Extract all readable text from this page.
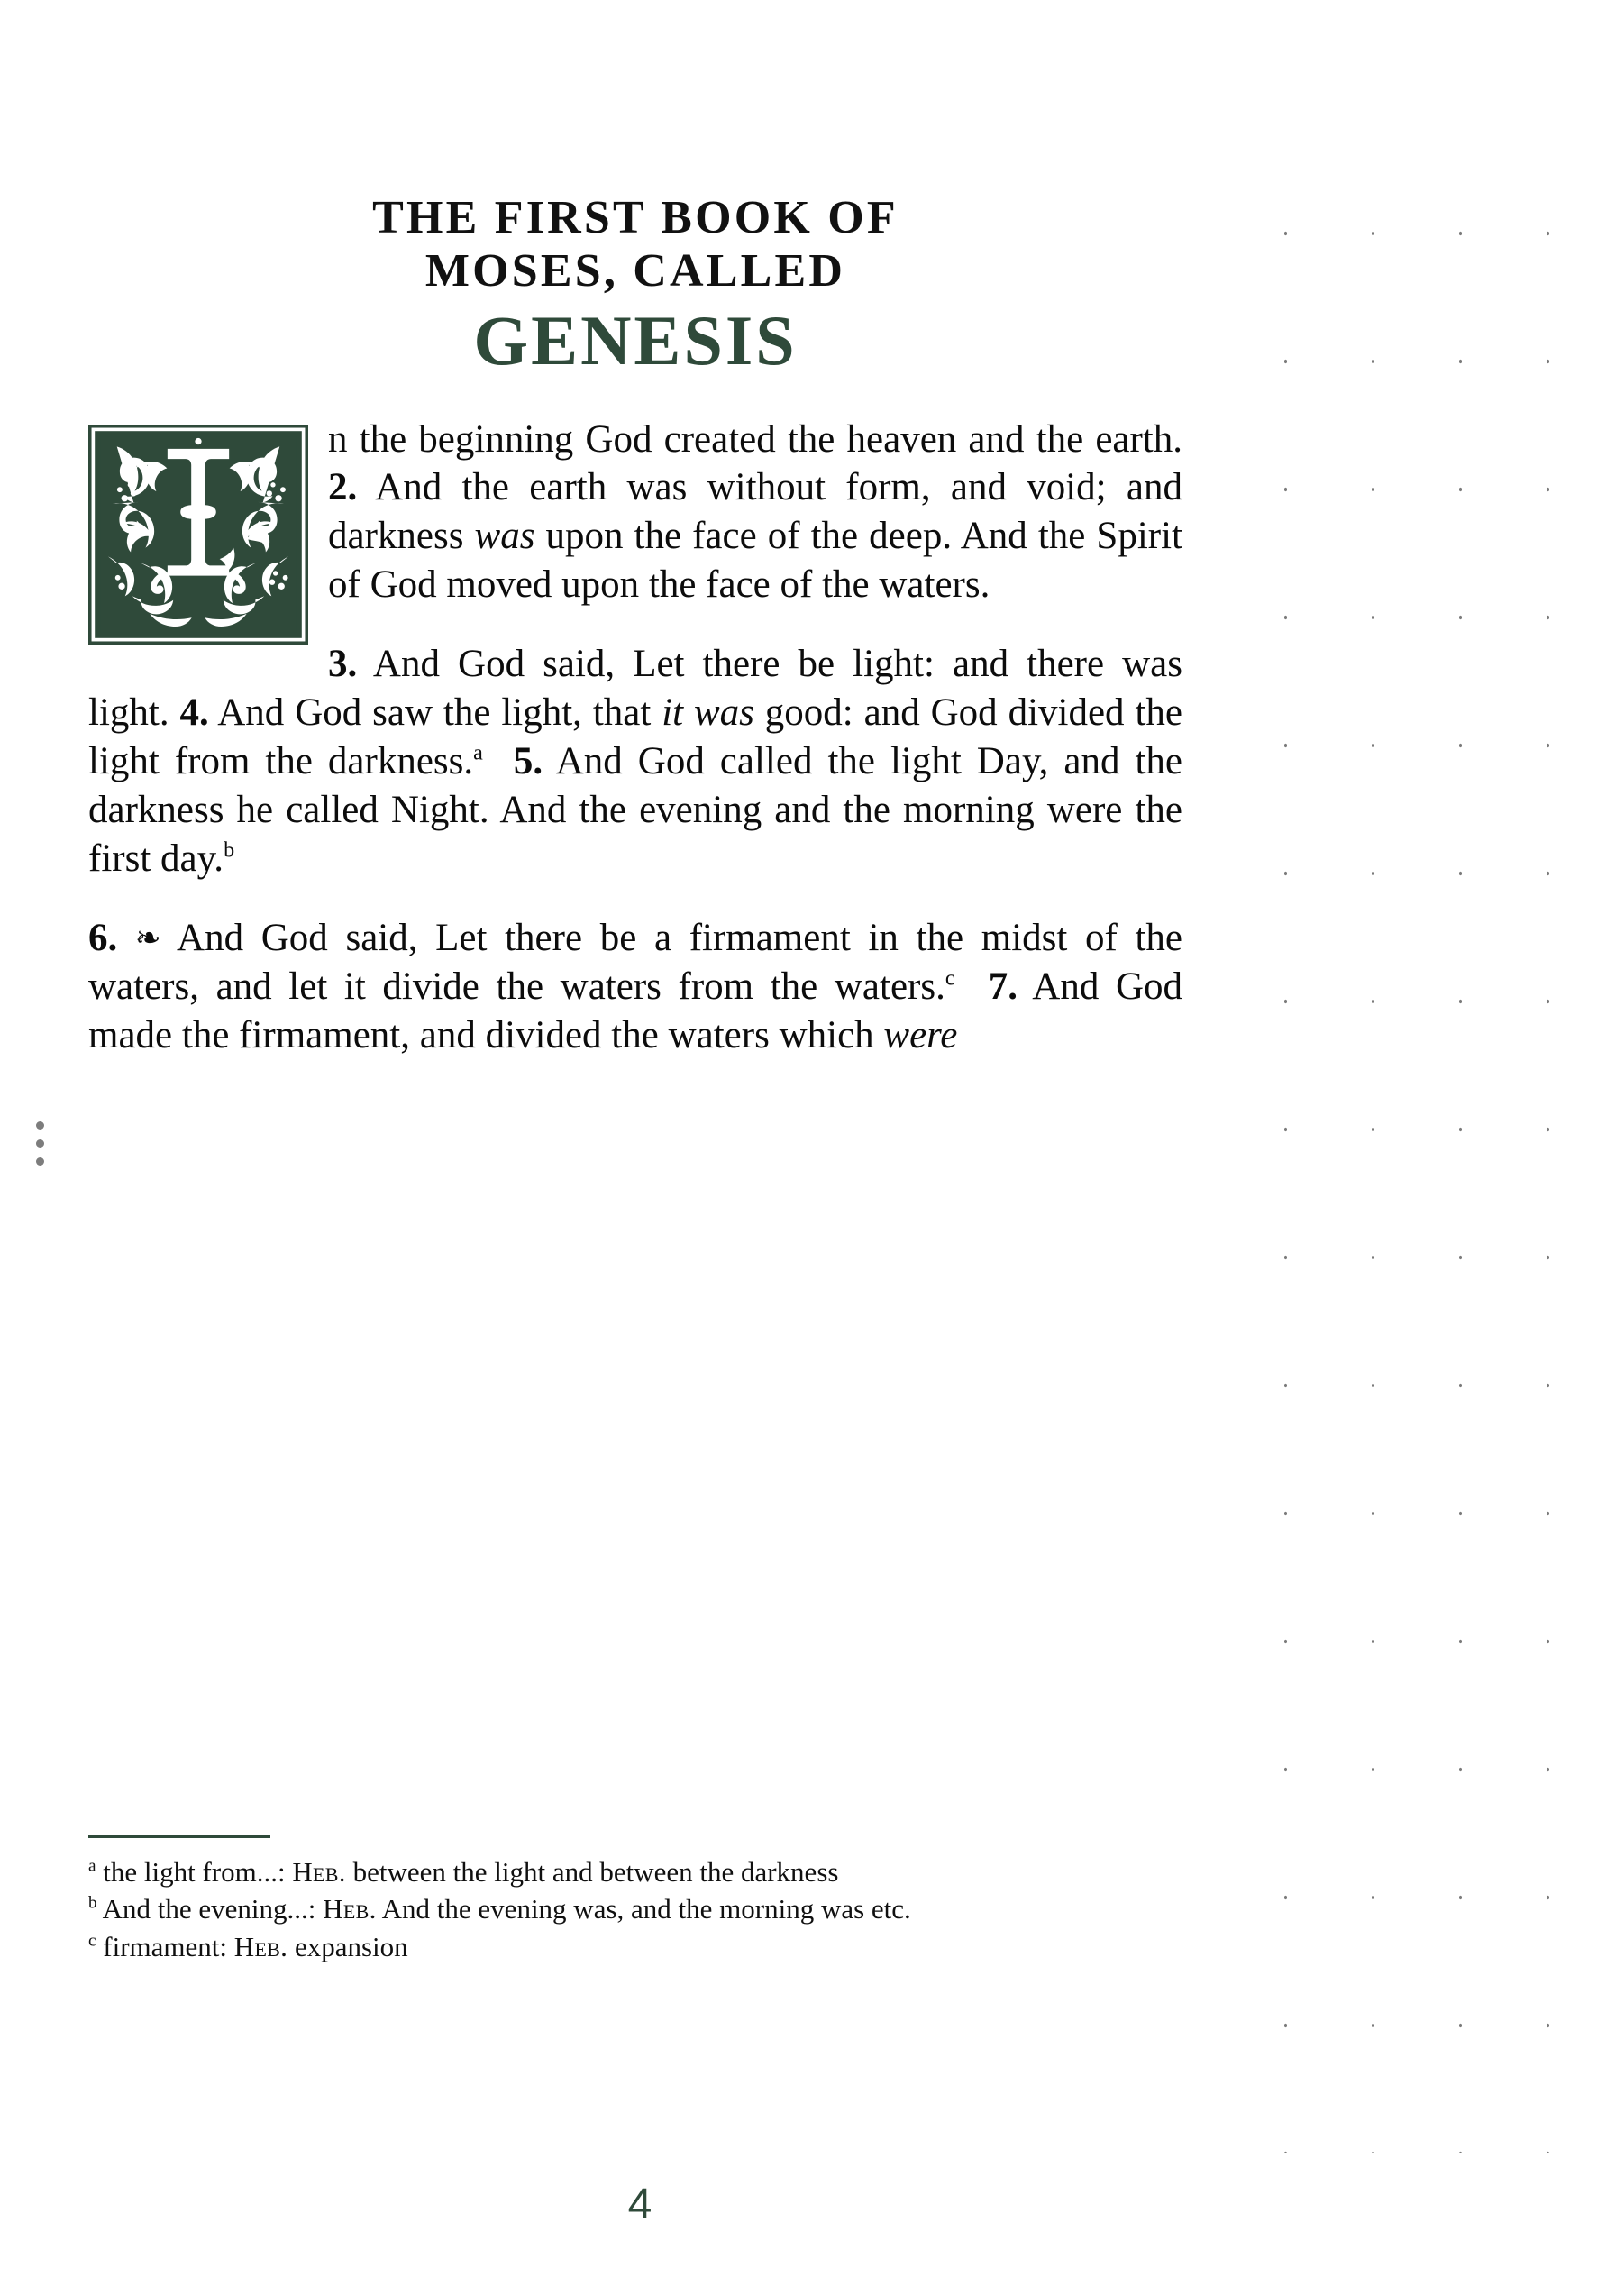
THE FIRST BOOK OF
MOSES, CALLED
GENESIS

n the beginning God created the heaven and the earth. 2. And the earth was without form, and void; and darkness was upon the face of the deep. And the Spirit of God moved upon the face of the waters.

3. And God said, Let there be light: and there was light. 4. And God saw the light, that it was good: and God divided the light from the darkness.$^a$ 5. And God called the light Day, and the darkness he called Night. And the evening and the morning were the first day.$^b$

6. ❧ And God said, Let there be a firmament in the midst of the waters, and let it divide the waters from the waters.$^c$ 7. And God made the firmament, and divided the waters which were

$^a$ the light from...: Heb. between the light and between the darkness

$^b$ And the evening...: Heb. And the evening was, and the morning was etc.

$^c$ firmament: Heb. expansion

4
